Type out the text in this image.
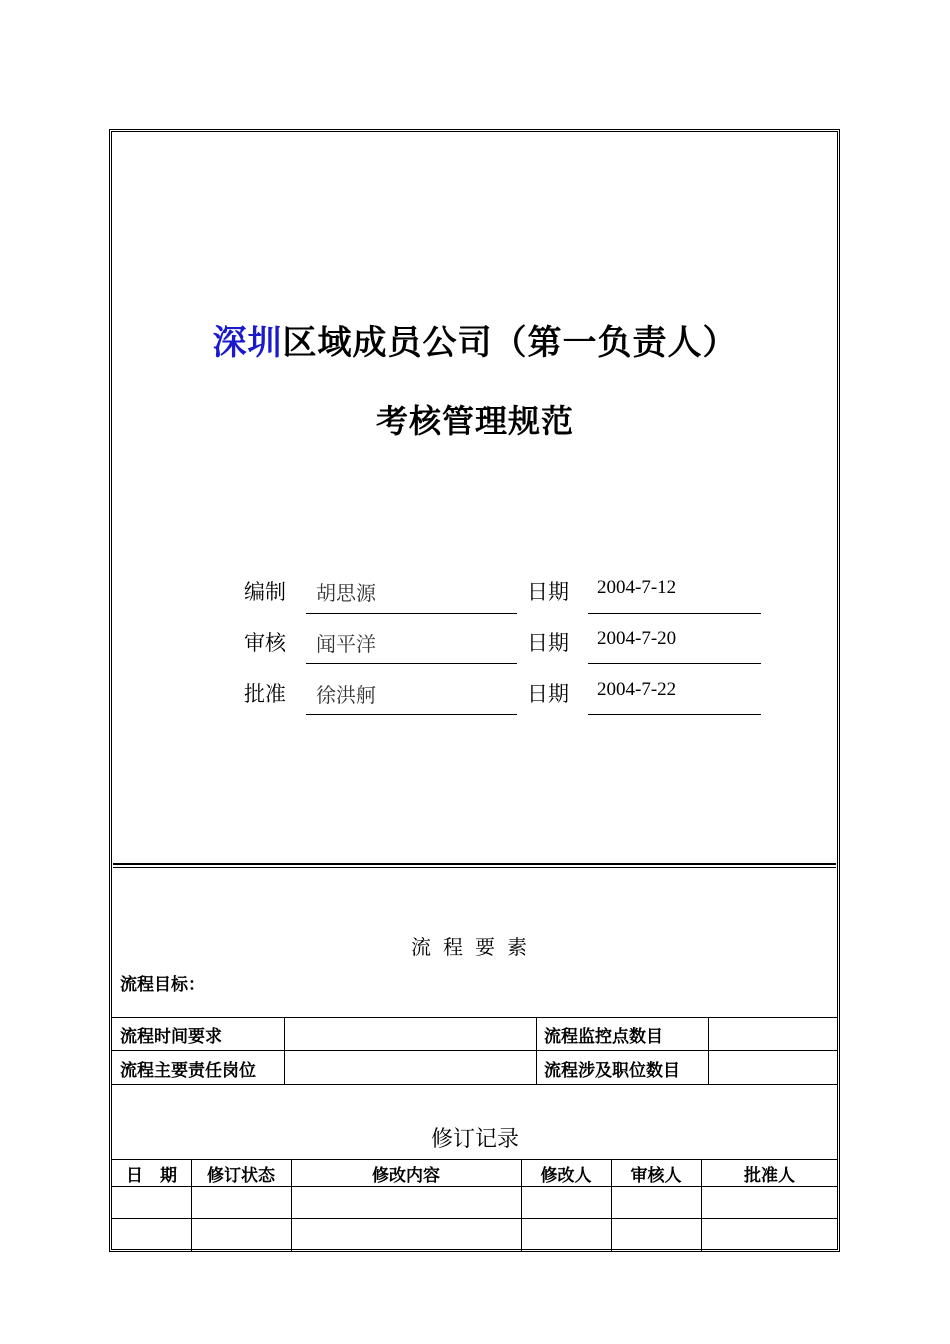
深圳区域成员公司（第一负责人）
考核管理规范
编制 胡思源	日期 2004-7-12
审核 闻平洋	日期 2004-7-20
批准 徐洪舸	日期 2004-7-22
流程要素
流程目标：
流程时间要求	流程监控点数目
流程主要责任岗位	流程涉及职位数目
修订记录
日　期	修订状态	修改内容	修改人	审核人	批准人
